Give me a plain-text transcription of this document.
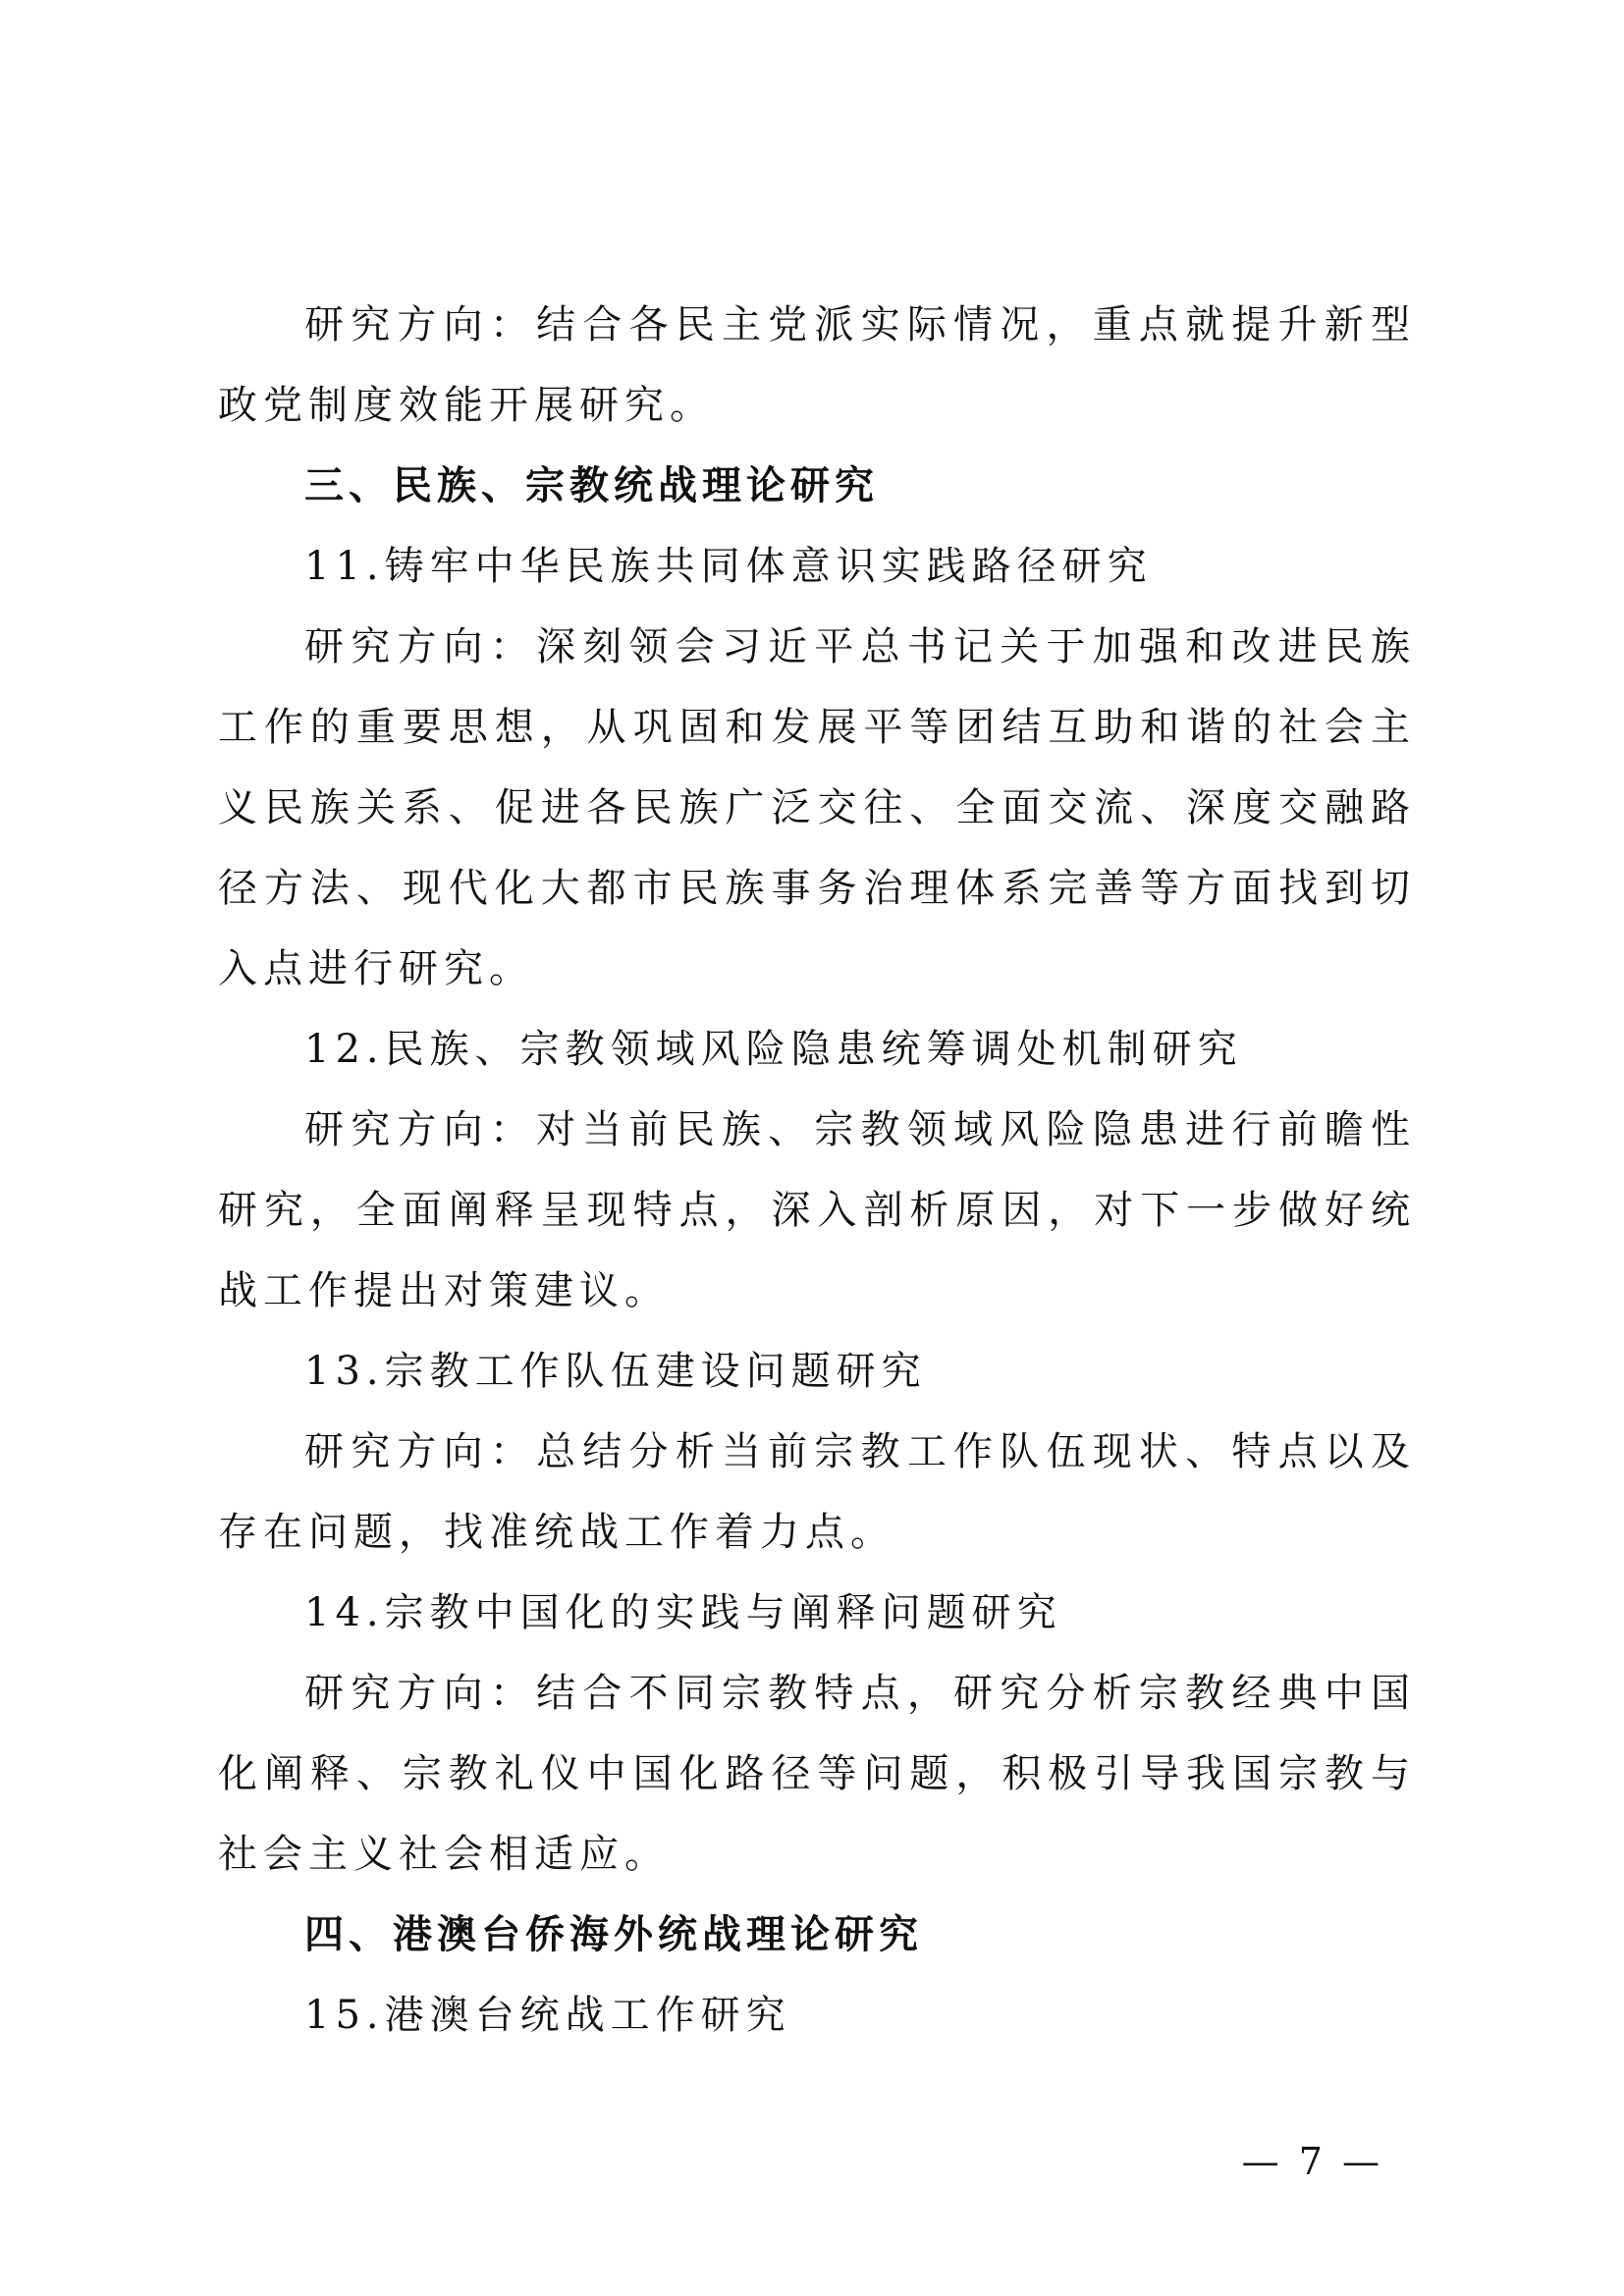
研究方向：结合各民主党派实际情况，重点就提升新型政党制度效能开展研究。

三、民族、宗教统战理论研究

11.铸牢中华民族共同体意识实践路径研究

研究方向：深刻领会习近平总书记关于加强和改进民族工作的重要思想，从巩固和发展平等团结互助和谐的社会主义民族关系、促进各民族广泛交往、全面交流、深度交融路径方法、现代化大都市民族事务治理体系完善等方面找到切入点进行研究。

12.民族、宗教领域风险隐患统筹调处机制研究

研究方向：对当前民族、宗教领域风险隐患进行前瞻性研究，全面阐释呈现特点，深入剖析原因，对下一步做好统战工作提出对策建议。

13.宗教工作队伍建设问题研究

研究方向：总结分析当前宗教工作队伍现状、特点以及存在问题，找准统战工作着力点。

14.宗教中国化的实践与阐释问题研究

研究方向：结合不同宗教特点，研究分析宗教经典中国化阐释、宗教礼仪中国化路径等问题，积极引导我国宗教与社会主义社会相适应。

四、港澳台侨海外统战理论研究

15.港澳台统战工作研究

— 7 —
